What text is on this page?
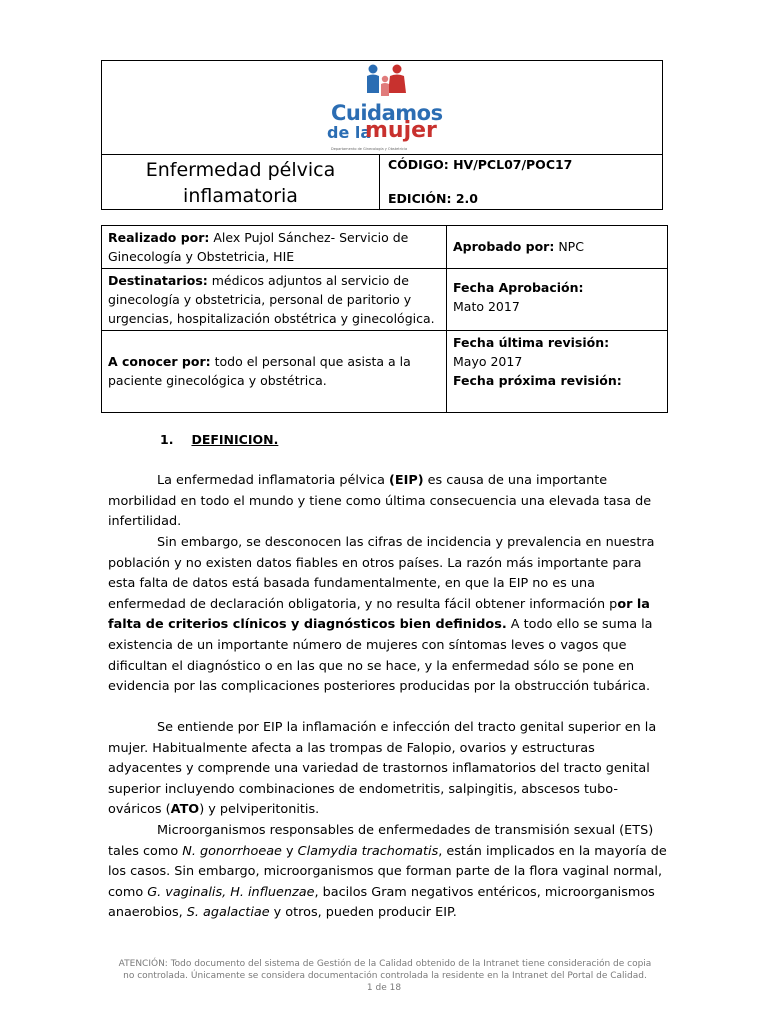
Cuidamos
de la
mujer
Departamento de Ginecología y Obstetricia
Enfermedad pélvica
inflamatoria
CÓDIGO: HV/PCL07/POC17
EDICIÓN: 2.0
Realizado por: Alex Pujol Sánchez- Servicio de
Ginecología y Obstetricia, HIE
Aprobado por: NPC
Destinatarios: médicos adjuntos al servicio de
ginecología y obstetricia, personal de paritorio y
urgencias, hospitalización obstétrica y ginecológica.
Fecha Aprobación:
Mato 2017
A conocer por: todo el personal que asista a la
paciente ginecológica y obstétrica.
Fecha última revisión:
Mayo 2017
Fecha próxima revisión:
1. DEFINICION.
La enfermedad inflamatoria pélvica (EIP) es causa de una importante morbilidad en todo el mundo y tiene como última consecuencia una elevada tasa de infertilidad.
Sin embargo, se desconocen las cifras de incidencia y prevalencia en nuestra población y no existen datos fiables en otros países. La razón más importante para esta falta de datos está basada fundamentalmente, en que la EIP no es una enfermedad de declaración obligatoria, y no resulta fácil obtener información por la falta de criterios clínicos y diagnósticos bien definidos. A todo ello se suma la existencia de un importante número de mujeres con síntomas leves o vagos que dificultan el diagnóstico o en las que no se hace, y la enfermedad sólo se pone en evidencia por las complicaciones posteriores producidas por la obstrucción tubárica.
Se entiende por EIP la inflamación e infección del tracto genital superior en la mujer. Habitualmente afecta a las trompas de Falopio, ovarios y estructuras adyacentes y comprende una variedad de trastornos inflamatorios del tracto genital superior incluyendo combinaciones de endometritis, salpingitis, abscesos tubo-ováricos (ATO) y pelviperitonitis.
Microorganismos responsables de enfermedades de transmisión sexual (ETS) tales como N. gonorrhoeae y Clamydia trachomatis, están implicados en la mayoría de los casos. Sin embargo, microorganismos que forman parte de la flora vaginal normal, como G. vaginalis, H. influenzae, bacilos Gram negativos entéricos, microorganismos anaerobios, S. agalactiae y otros, pueden producir EIP.
ATENCIÓN: Todo documento del sistema de Gestión de la Calidad obtenido de la Intranet tiene consideración de copia
no controlada. Únicamente se considera documentación controlada la residente en la Intranet del Portal de Calidad.
1 de 18
